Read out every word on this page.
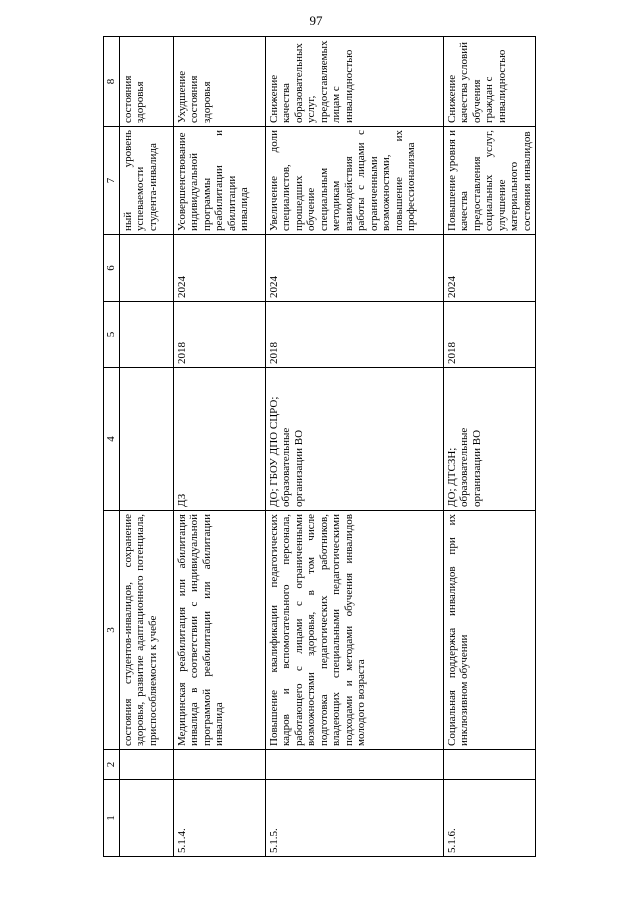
97
1	2	3	4	5	6	7	8
		состояния студентов-инвалидов, сохранение здоровья, развитие адаптационного потенциала, приспособляемости к учебе				ный уровень успеваемости студента-инвалида	состояния здоровья
5.1.4.		Медицинская реабилитация или абилитация инвалида в соответствии с индивидуальной программой реабилитации или абилитации инвалида	ДЗ	2018	2024	Усовершенствование индивидуальной программы реабилитации и абилитации инвалида	Ухудшение состояния здоровья
5.1.5.		Повышение квалификации педагогических кадров и вспомогательного персонала, работающего с лицами с ограниченными возможностями здоровья, в том числе подготовка педагогических работников, владеющих специальными педагогическими подходами и методами обучения инвалидов молодого возраста	ДО; ГБОУ ДПО СЦРО; образовательные организации ВО	2018	2024	Увеличение доли специалистов, прошедших обучение специальным методикам взаимодействия работы с лицами с ограниченными возможностями, повышение их профессионализма	Снижение качества образовательных услуг, предоставляемых лицам с инвалидностью
5.1.6.		Социальная поддержка инвалидов при их инклюзивном обучении	ДО; ДТСЗН; образовательные организации ВО	2018	2024	Повышение уровня и качества предоставления социальных услуг, улучшение материального состояния инвалидов	Снижение качества условий обучения граждан с инвалидностью
